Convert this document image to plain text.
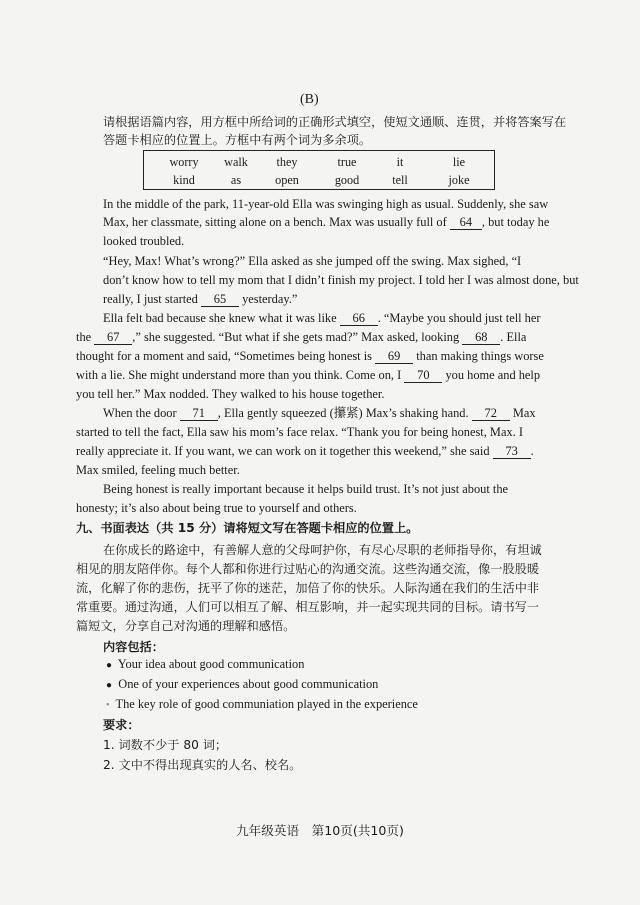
(B)
请根据语篇内容，用方框中所给词的正确形式填空，使短文通顺、连贯，并将答案写在
答题卡相应的位置上。方框中有两个词为多余项。
worry walk they	true	it	lie
kind	as	open	good	tell	joke
In the middle of the park, 11-year-old Ella was swinging high as usual. Suddenly, she saw
Max, her classmate, sitting alone on a bench. Max was usually full of 64 , but today he
looked troubled.
“Hey, Max! What’s wrong?” Ella asked as she jumped off the swing. Max sighed, “I
don’t know how to tell my mom that I didn’t finish my project. I told her I was almost done, but
really, I just started 65 yesterday.”
Ella felt bad because she knew what it was like 66 . “Maybe you should just tell her
the 67 ,” she suggested. “But what if she gets mad?” Max asked, looking 68 . Ella
thought for a moment and said, “Sometimes being honest is 69 than making things worse
with a lie. She might understand more than you think. Come on, I 70 you home and help
you tell her.” Max nodded. They walked to his house together.
When the door 71 , Ella gently squeezed (攥紧) Max’s shaking hand. 72 Max
started to tell the fact, Ella saw his mom’s face relax. “Thank you for being honest, Max. I
really appreciate it. If you want, we can work on it together this weekend,” she said 73 .
Max smiled, feeling much better.
Being honest is really important because it helps build trust. It’s not just about the
honesty; it’s also about being true to yourself and others.
九、书面表达（共 15 分）请将短文写在答题卡相应的位置上。
在你成长的路途中，有善解人意的父母呵护你，有尽心尽职的老师指导你，有坦诚
相见的朋友陪伴你。每个人都和你进行过贴心的沟通交流。这些沟通交流，像一股股暖
流，化解了你的悲伤，抚平了你的迷茫，加倍了你的快乐。人际沟通在我们的生活中非
常重要。通过沟通，人们可以相互了解、相互影响，并一起实现共同的目标。请书写一
篇短文，分享自己对沟通的理解和感悟。
内容包括：
● Your idea about good communication
● One of your experiences about good communication
• The key role of good communiation played in the experience
要求：
1. 词数不少于 80 词；
2. 文中不得出现真实的人名、校名。
九年级英语　第10页(共10页)
